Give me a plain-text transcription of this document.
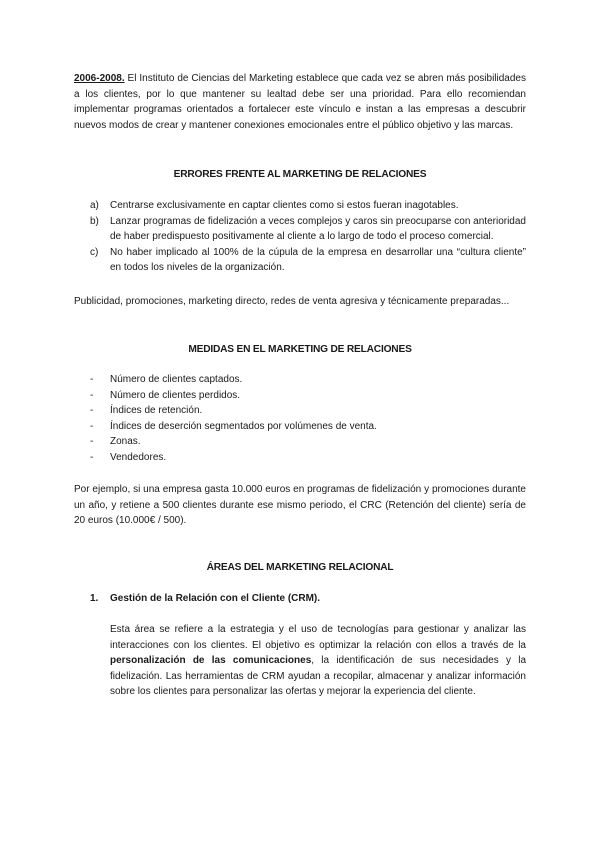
2006-2008. El Instituto de Ciencias del Marketing establece que cada vez se abren más posibilidades a los clientes, por lo que mantener su lealtad debe ser una prioridad. Para ello recomiendan implementar programas orientados a fortalecer este vínculo e instan a las empresas a descubrir nuevos modos de crear y mantener conexiones emocionales entre el público objetivo y las marcas.

ERRORES FRENTE AL MARKETING DE RELACIONES
a) Centrarse exclusivamente en captar clientes como si estos fueran inagotables.
b) Lanzar programas de fidelización a veces complejos y caros sin preocuparse con anterioridad de haber predispuesto positivamente al cliente a lo largo de todo el proceso comercial.
c) No haber implicado al 100% de la cúpula de la empresa en desarrollar una “cultura cliente” en todos los niveles de la organización.

Publicidad, promociones, marketing directo, redes de venta agresiva y técnicamente preparadas...

MEDIDAS EN EL MARKETING DE RELACIONES
- Número de clientes captados.
- Número de clientes perdidos.
- Índices de retención.
- Índices de deserción segmentados por volúmenes de venta.
- Zonas.
- Vendedores.

Por ejemplo, si una empresa gasta 10.000 euros en programas de fidelización y promociones durante un año, y retiene a 500 clientes durante ese mismo periodo, el CRC (Retención del cliente) sería de 20 euros (10.000€ / 500).

ÁREAS DEL MARKETING RELACIONAL

1. Gestión de la Relación con el Cliente (CRM).

Esta área se refiere a la estrategia y el uso de tecnologías para gestionar y analizar las interacciones con los clientes. El objetivo es optimizar la relación con ellos a través de la personalización de las comunicaciones, la identificación de sus necesidades y la fidelización. Las herramientas de CRM ayudan a recopilar, almacenar y analizar información sobre los clientes para personalizar las ofertas y mejorar la experiencia del cliente.
